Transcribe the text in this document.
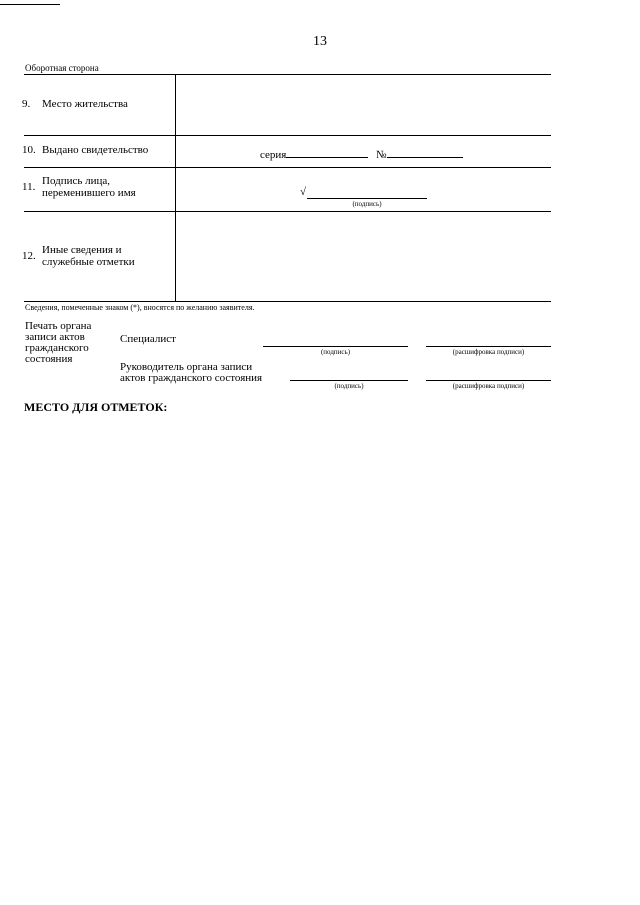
13
Оборотная сторона
9. Место жительства
10. Выдано свидетельство	серия	№
11. Подпись лица,
переменившего имя	√
(подпись)
12. Иные сведения и
служебные отметки
Сведения, помеченные знаком (*), вносятся по желанию заявителя.
Печать органа
записи актов
гражданского
состояния
Специалист
(подпись)	(расшифровка подписи)
Руководитель органа записи
актов гражданского состояния
(подпись)	(расшифровка подписи)
МЕСТО ДЛЯ ОТМЕТОК:
